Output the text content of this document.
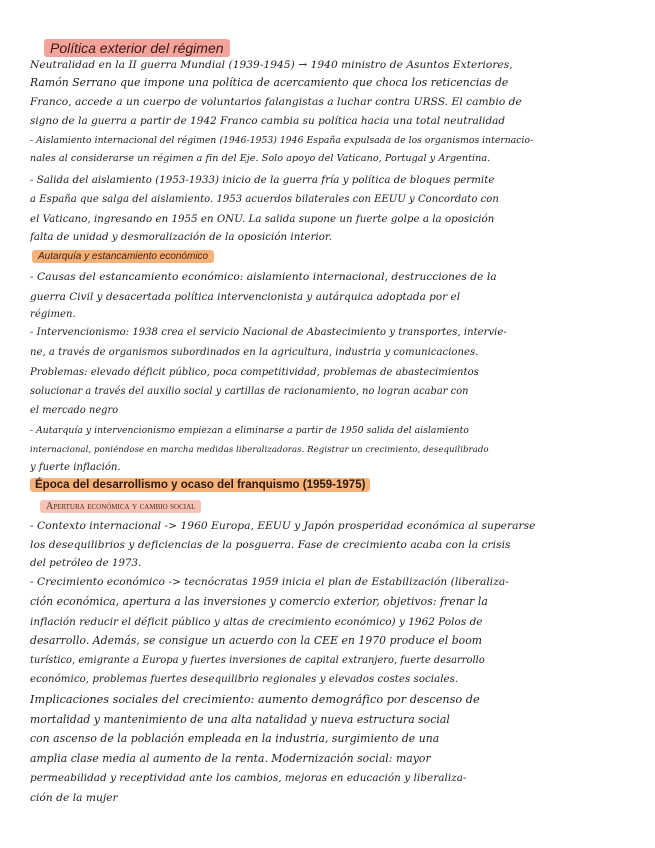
Política exterior del régimen
Neutralidad en la II guerra Mundial (1939-1945) → 1940 ministro de Asuntos Exteriores,
Ramón Serrano que impone una política de acercamiento que choca los reticencias de
Franco, accede a un cuerpo de voluntarios falangistas a luchar contra URSS. El cambio de
signo de la guerra a partir de 1942 Franco cambia su política hacia una total neutralidad
- Aislamiento internacional del régimen (1946-1953) 1946 España expulsada de los organismos internacio-
nales al considerarse un régimen a fin del Eje. Solo apoyo del Vaticano, Portugal y Argentina.
- Salida del aislamiento (1953-1933) inicio de la guerra fría y política de bloques permite
a España que salga del aislamiento. 1953 acuerdos bilaterales con EEUU y Concordato con
el Vaticano, ingresando en 1955 en ONU. La salida supone un fuerte golpe a la oposición
falta de unidad y desmoralización de la oposición interior.
Autarquía y estancamiento económico
- Causas del estancamiento económico: aislamiento internacional, destrucciones de la
guerra Civil y desacertada política intervencionista y autárquica adoptada por el
régimen.
- Intervencionismo: 1938 crea el servicio Nacional de Abastecimiento y transportes, intervie-
ne, a través de organismos subordinados en la agricultura, industria y comunicaciones.
Problemas: elevado déficit público, poca competitividad, problemas de abastecimientos
solucionar a través del auxilio social y cartillas de racionamiento, no logran acabar con
el mercado negro
- Autarquía y intervencionismo empiezan a eliminarse a partir de 1950 salida del aislamiento
internacional, poniéndose en marcha medidas liberalizadoras. Registrar un crecimiento, desequilibrado
y fuerte inflación.
Época del desarrollismo y ocaso del franquismo (1959-1975)
Apertura económica y cambio social
- Contexto internacional -> 1960 Europa, EEUU y Japón prosperidad económica al superarse
los desequilibrios y deficiencias de la posguerra. Fase de crecimiento acaba con la crisis
del petróleo de 1973.
- Crecimiento económico -> tecnócratas 1959 inicia el plan de Estabilización (liberaliza-
ción económica, apertura a las inversiones y comercio exterior, objetivos: frenar la
inflación reducir el déficit público y altas de crecimiento económico) y 1962 Polos de
desarrollo. Además, se consigue un acuerdo con la CEE en 1970 produce el boom
turístico, emigrante a Europa y fuertes inversiones de capital extranjero, fuerte desarrollo
económico, problemas fuertes desequilibrio regionales y elevados costes sociales.
Implicaciones sociales del crecimiento: aumento demográfico por descenso de
mortalidad y mantenimiento de una alta natalidad y nueva estructura social
con ascenso de la población empleada en la industria, surgimiento de una
amplia clase media al aumento de la renta. Modernización social: mayor
permeabilidad y receptividad ante los cambios, mejoras en educación y liberaliza-
ción de la mujer
